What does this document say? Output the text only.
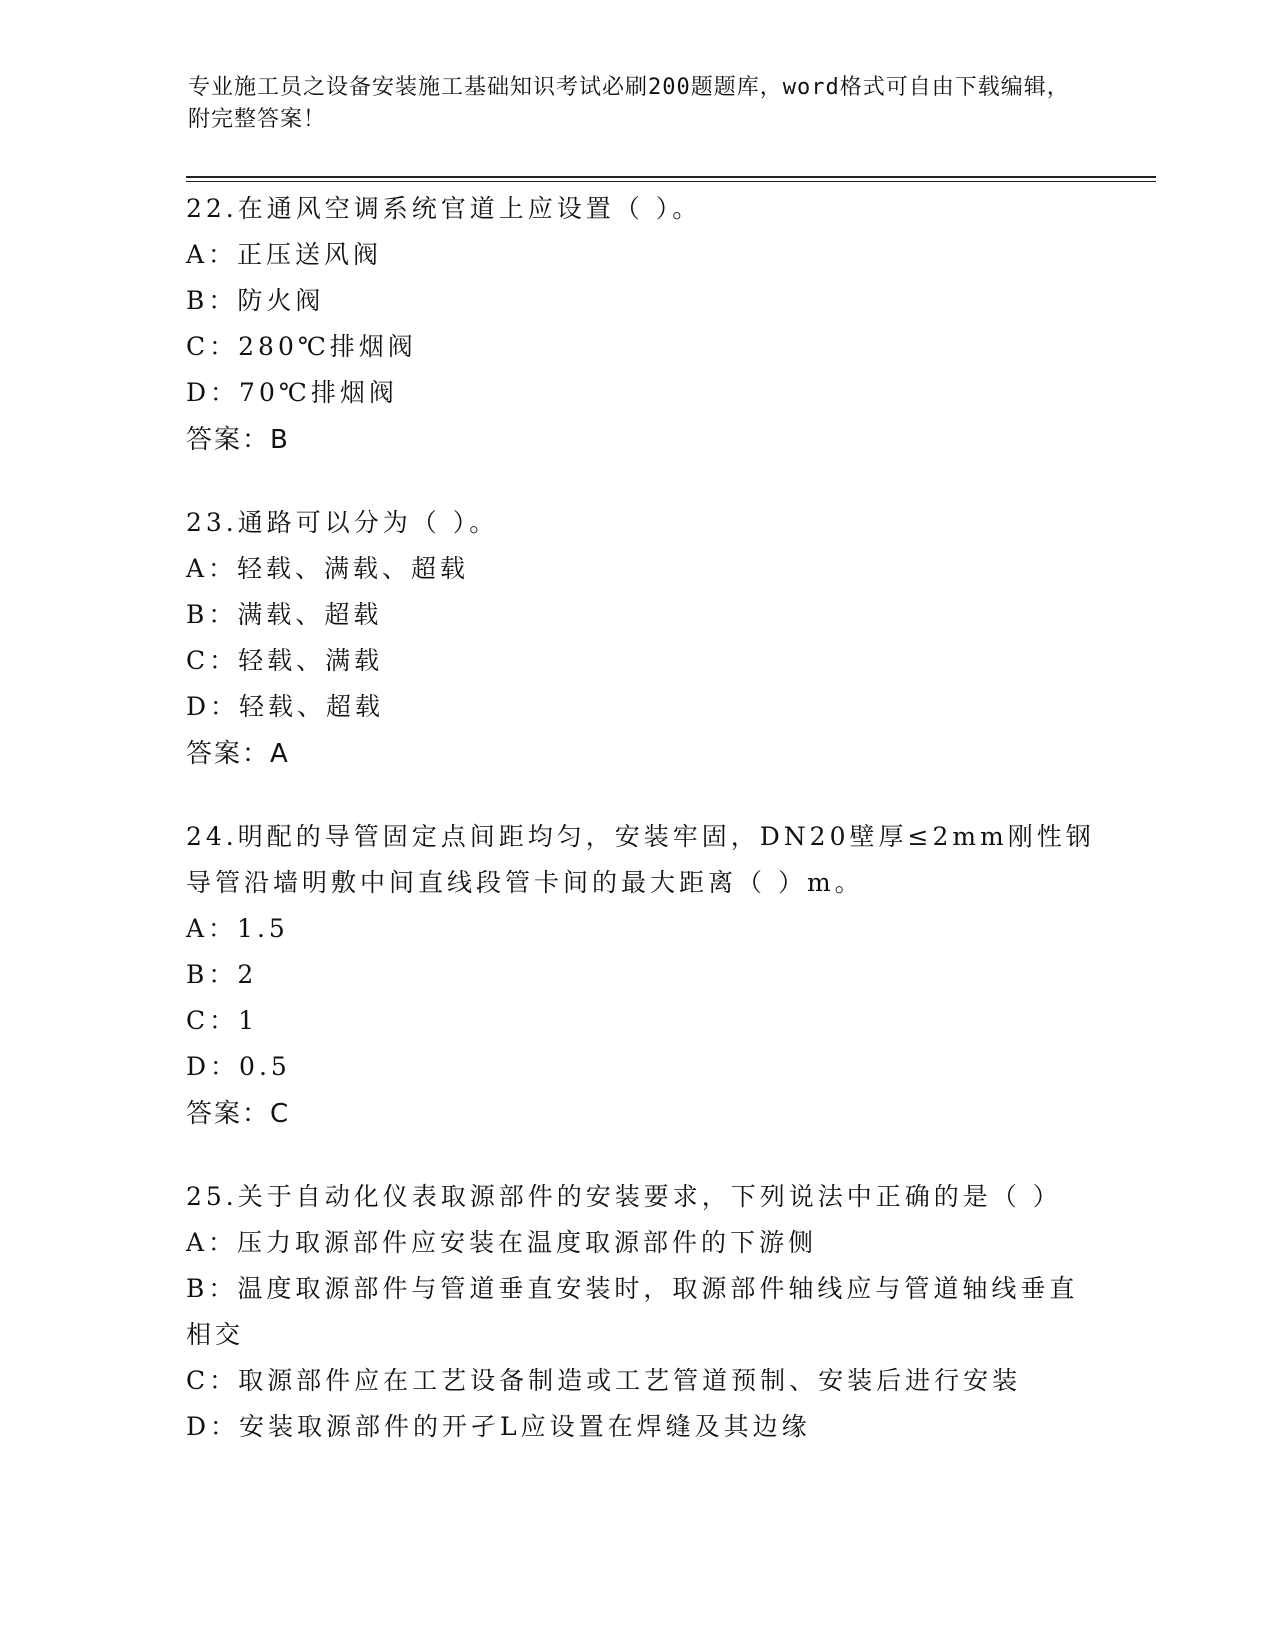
专业施工员之设备安装施工基础知识考试必刷200题题库，word格式可自由下载编辑，附完整答案！
22.在通风空调系统官道上应设置（ ）。
A：正压送风阀
B：防火阀
C：280℃排烟阀
D：70℃排烟阀
答案：B
23.通路可以分为（ ）。
A：轻载、满载、超载
B：满载、超载
C：轻载、满载
D：轻载、超载
答案：A
24.明配的导管固定点间距均匀，安装牢固，DN20壁厚≤2mm刚性钢导管沿墙明敷中间直线段管卡间的最大距离（ ）m。
A：1.5
B：2
C：1
D：0.5
答案：C
25.关于自动化仪表取源部件的安装要求，下列说法中正确的是（ ）
A：压力取源部件应安装在温度取源部件的下游侧
B：温度取源部件与管道垂直安装时，取源部件轴线应与管道轴线垂直相交
C：取源部件应在工艺设备制造或工艺管道预制、安装后进行安装
D：安装取源部件的开孑L应设置在焊缝及其边缘
